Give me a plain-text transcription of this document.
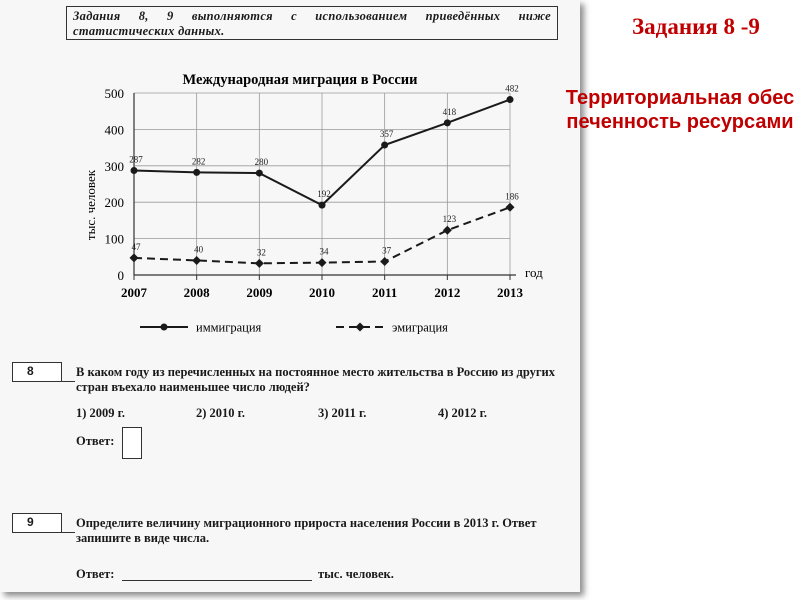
Задания 8, 9 выполняются с использованием приведённых ниже статистических данных.
Международная миграция в России
0
100
200
300
400
500
2007	2008	2009	2010	2011	2012	2013
тыс. человек
год
287	282	280
192
357
418
482
47	40	32	34	37
123
186
иммиграция	эмиграция
8	В каком году из перечисленных на постоянное место жительства в Россию из других стран въехало наименьшее число людей?
1) 2009 г.	2) 2010 г.	3) 2011 г.	4) 2012 г.
Ответ:
9	Определите величину миграционного прироста населения России в 2013 г. Ответ запишите в виде числа.
Ответ:	тыс. человек.
Задания 8 -9
Территориальная обеспеченность ресурсами
